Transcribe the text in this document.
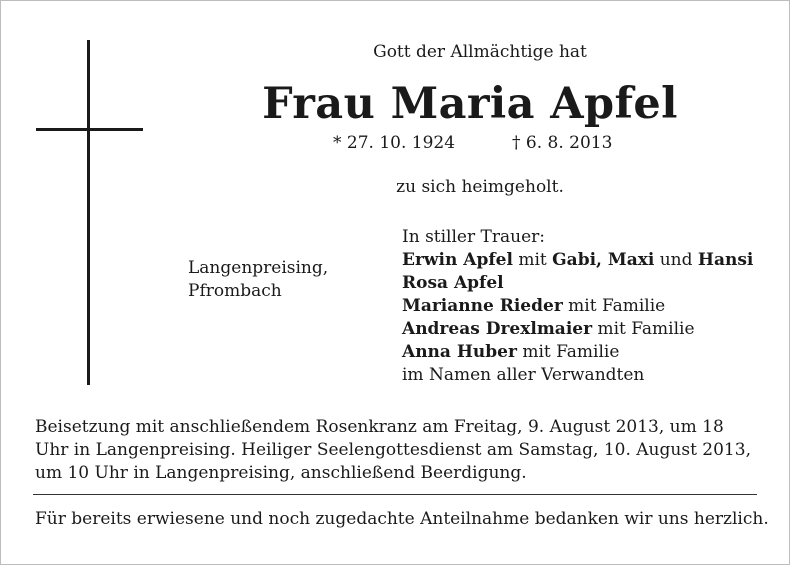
Gott der Allmächtige hat
Frau Maria Apfel
* 27. 10. 1924	† 6. 8. 2013
zu sich heimgeholt.
Langenpreising,
Pfrombach
In stiller Trauer:
Erwin Apfel mit Gabi, Maxi und Hansi
Rosa Apfel
Marianne Rieder mit Familie
Andreas Drexlmaier mit Familie
Anna Huber mit Familie
im Namen aller Verwandten
Beisetzung mit anschließendem Rosenkranz am Freitag, 9. August 2013, um 18 Uhr in Langenpreising. Heiliger Seelengottesdienst am Samstag, 10. August 2013, um 10 Uhr in Langenpreising, anschließend Beerdigung.
Für bereits erwiesene und noch zugedachte Anteilnahme bedanken wir uns herzlich.
